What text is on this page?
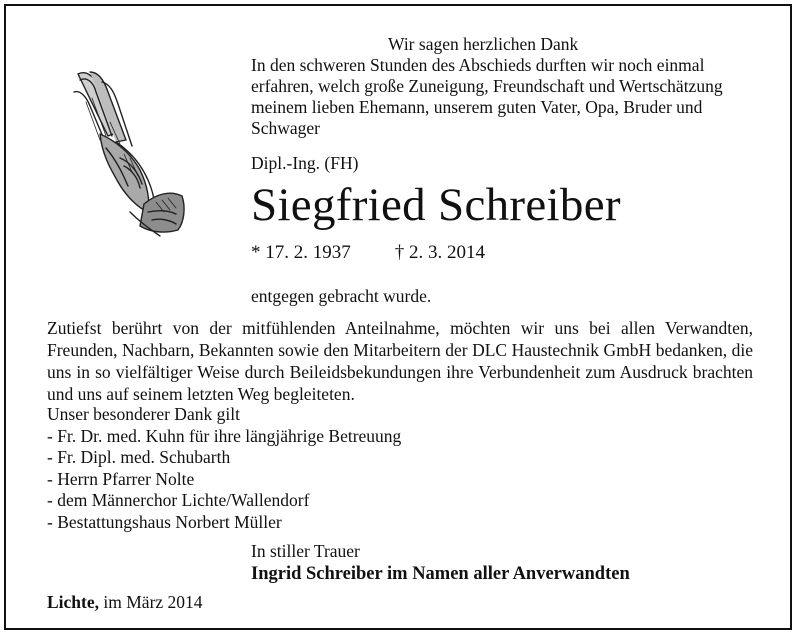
Wir sagen herzlichen Dank
In den schweren Stunden des Abschieds durften wir noch einmal
erfahren, welch große Zuneigung, Freundschaft und Wertschätzung
meinem lieben Ehemann, unserem guten Vater, Opa, Bruder und
Schwager
Dipl.-Ing. (FH)
Siegfried Schreiber
* 17. 2. 1937 † 2. 3. 2014
entgegen gebracht wurde.
Zutiefst berührt von der mitfühlenden Anteilnahme, möchten wir uns bei allen Verwandten, Freunden, Nachbarn, Bekannten sowie den Mitarbeitern der DLC Haustechnik GmbH bedanken, die uns in so vielfältiger Weise durch Beileidsbekundungen ihre Verbundenheit zum Ausdruck brachten und uns auf seinem letzten Weg begleiteten.
Unser besonderer Dank gilt
- Fr. Dr. med. Kuhn für ihre längjährige Betreuung
- Fr. Dipl. med. Schubarth
- Herrn Pfarrer Nolte
- dem Männerchor Lichte/Wallendorf
- Bestattungshaus Norbert Müller
In stiller Trauer
Ingrid Schreiber im Namen aller Anverwandten
Lichte, im März 2014
